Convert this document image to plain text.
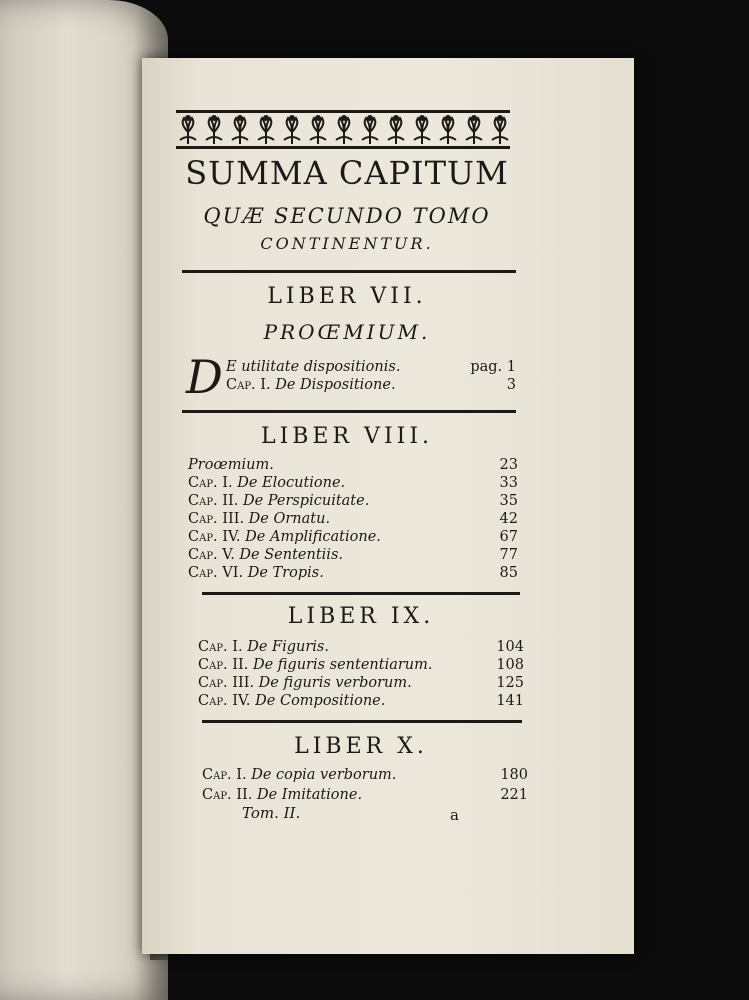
SUMMA CAPITUM
QUÆ SECUNDO TOMO
CONTINENTUR.
LIBER VII.
PROŒMIUM.
D E utilitate dispositionis.	pag. 1
Cap. I. De Dispositione.	3
LIBER VIII.
Proœmium.	23
Cap. I. De Elocutione.	33
Cap. II. De Perspicuitate.	35
Cap. III. De Ornatu.	42
Cap. IV. De Amplificatione.	67
Cap. V. De Sententiis.	77
Cap. VI. De Tropis.	85
LIBER IX.
Cap. I. De Figuris.	104
Cap. II. De figuris sententiarum.	108
Cap. III. De figuris verborum.	125
Cap. IV. De Compositione.	141
LIBER X.
Cap. I. De copia verborum.	180
Cap. II. De Imitatione.	221
Tom. II.	a
